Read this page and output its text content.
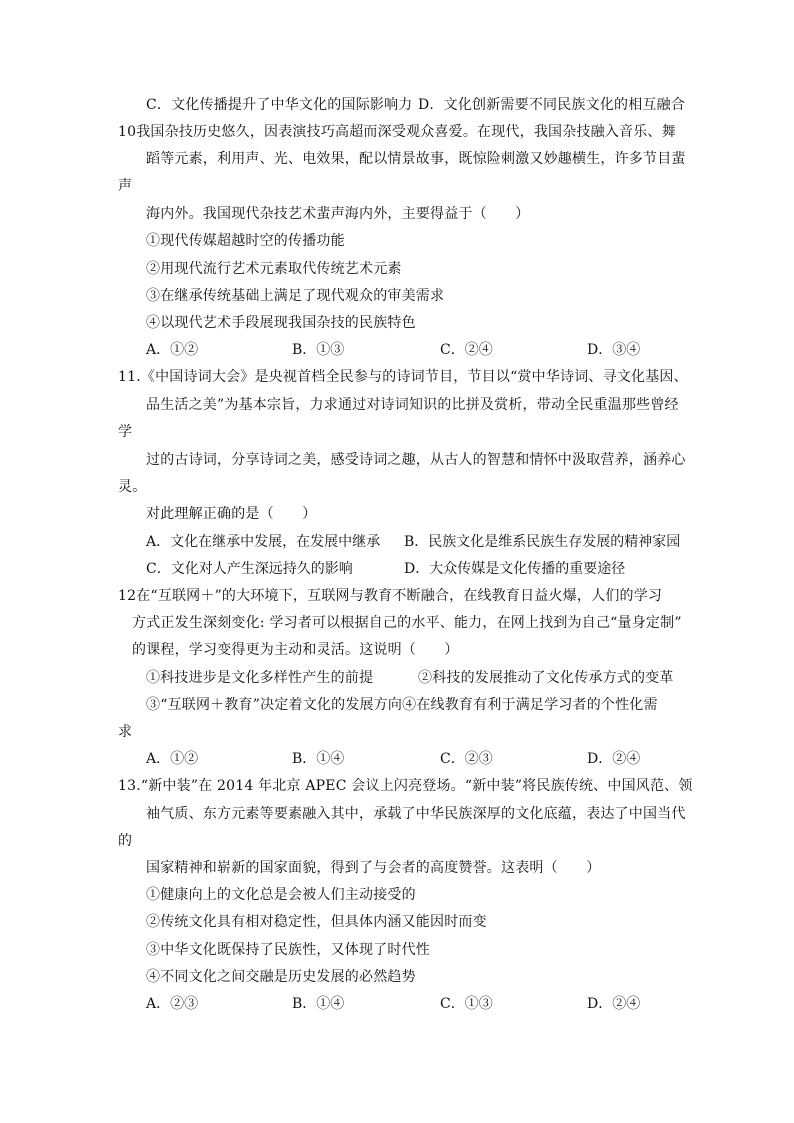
C．文化传播提升了中华文化的国际影响力 D．文化创新需要不同民族文化的相互融合
10我国杂技历史悠久，因表演技巧高超而深受观众喜爱。在现代，我国杂技融入音乐、舞
蹈等元素，利用声、光、电效果，配以情景故事，既惊险刺激又妙趣横生，许多节目蜚
声
海内外。我国现代杂技艺术蜚声海内外，主要得益于（　　）
①现代传媒超越时空的传播功能
②用现代流行艺术元素取代传统艺术元素
③在继承传统基础上满足了现代观众的审美需求
④以现代艺术手段展现我国杂技的民族特色
A．①②	B．①③	C．②④	D．③④
11.《中国诗词大会》是央视首档全民参与的诗词节目，节目以“赏中华诗词、寻文化基因、
品生活之美”为基本宗旨，力求通过对诗词知识的比拼及赏析，带动全民重温那些曾经
学
过的古诗词，分享诗词之美，感受诗词之趣，从古人的智慧和情怀中汲取营养，涵养心
灵。
对此理解正确的是（　　）
A．文化在继承中发展，在发展中继承 B．民族文化是维系民族生存发展的精神家园
C．文化对人产生深远持久的影响	D．大众传媒是文化传播的重要途径
12在“互联网＋”的大环境下，互联网与教育不断融合，在线教育日益火爆，人们的学习
方式正发生深刻变化: 学习者可以根据自己的水平、能力，在网上找到为自己“量身定制”
的课程，学习变得更为主动和灵活。这说明（　　）
①科技进步是文化多样性产生的前提	②科技的发展推动了文化传承方式的变革
③“互联网＋教育”决定着文化的发展方向④在线教育有利于满足学习者的个性化需
求
A．①②	B．①④	C．②③	D．②④
13.“新中装”在 2014 年北京 APEC 会议上闪亮登场。“新中装”将民族传统、中国风范、领
袖气质、东方元素等要素融入其中，承载了中华民族深厚的文化底蕴，表达了中国当代
的
国家精神和崭新的国家面貌，得到了与会者的高度赞誉。这表明（　　）
①健康向上的文化总是会被人们主动接受的
②传统文化具有相对稳定性，但具体内涵又能因时而变
③中华文化既保持了民族性，又体现了时代性
④不同文化之间交融是历史发展的必然趋势
A．②③	B．①④	C．①③	D．②④
